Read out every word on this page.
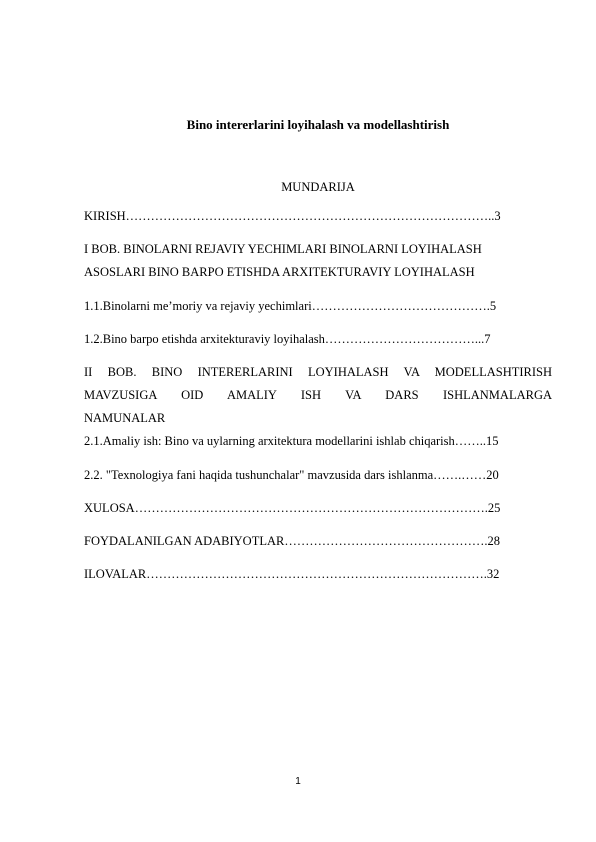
Bino intererlarini loyihalash va modellashtirish
MUNDARIJA
KIRISH……………………………………………………………………………..3
I BOB. BINOLARNI REJAVIY YECHIMLARI BINOLARNI LOYIHALASH
ASOSLARI BINO BARPO ETISHDA ARXITEKTURAVIY LOYIHALASH
1.1.Binolarni me’moriy va rejaviy yechimlari…………………………………….5
1.2.Bino barpo etishda arxitekturaviy loyihalash………………………………...7
II BOB. BINO INTERERLARINI LOYIHALASH VA MODELLASHTIRISH
MAVZUSIGA OID AMALIY ISH VA DARS ISHLANMALARGA
NAMUNALAR
2.1.Amaliy ish: Bino va uylarning arxitektura modellarini ishlab chiqarish……..15
2.2. "Texnologiya fani haqida tushunchalar" mavzusida dars ishlanma…….……20
XULOSA………………………………………………………………………….25
FOYDALANILGAN ADABIYOTLAR………………………………………….28
ILOVALAR……………………………………………………………………….32
1
